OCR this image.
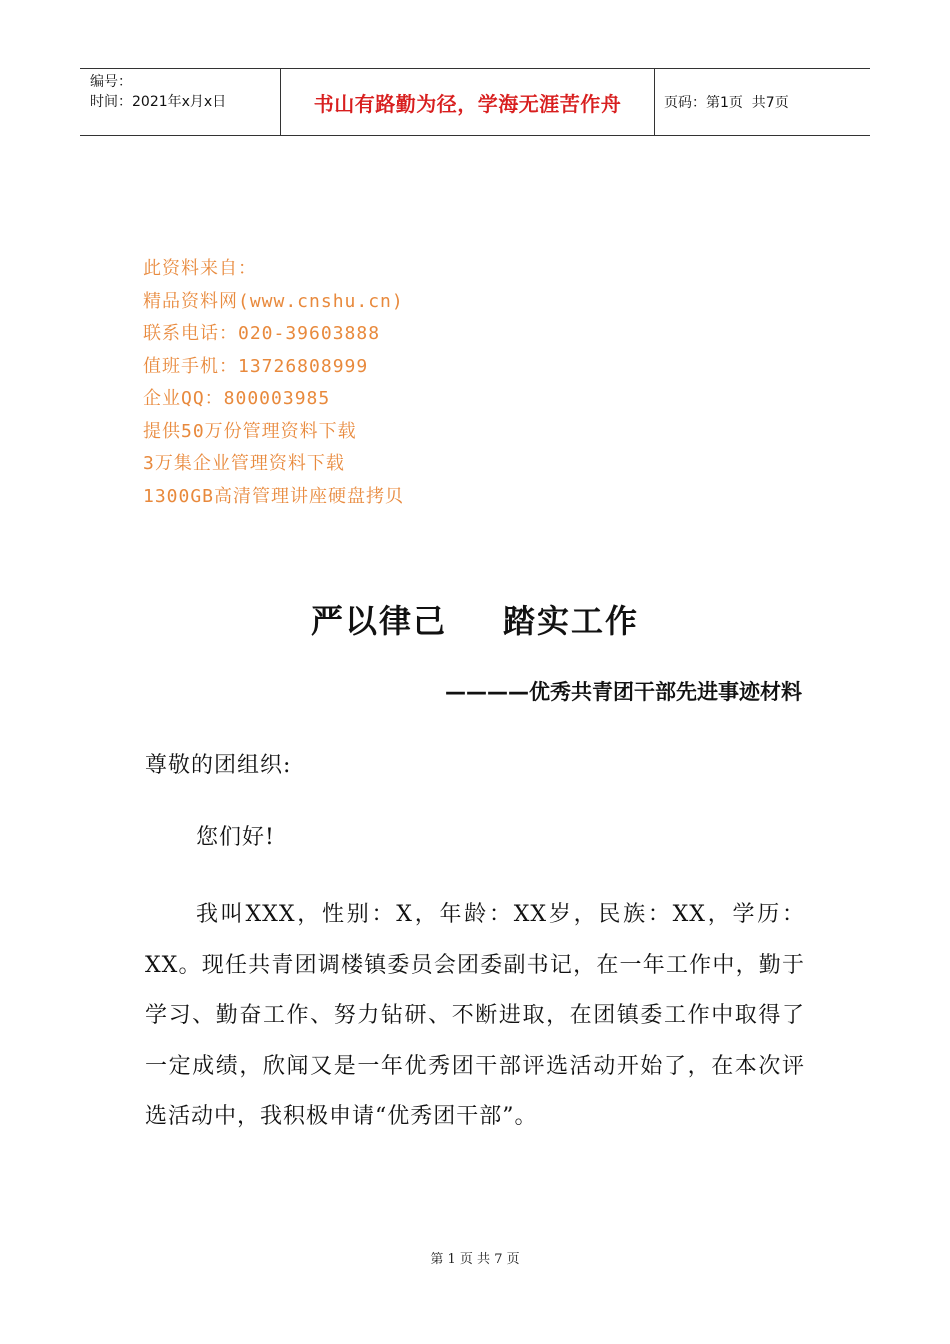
编号：
时间：2021年x月x日	书山有路勤为径，学海无涯苦作舟	页码：第1页  共7页
此资料来自：
精品资料网(www.cnshu.cn)
联系电话：020-39603888
值班手机：13726808999
企业QQ：800003985
提供50万份管理资料下载
3万集企业管理资料下载
1300GB高清管理讲座硬盘拷贝
严以律己 踏实工作
————优秀共青团干部先进事迹材料
尊敬的团组织:
您们好!
我叫XXX，性别：X，年龄：XX岁，民族：XX，学历：XX。现任共青团调楼镇委员会团委副书记，在一年工作中，勤于学习、勤奋工作、努力钻研、不断进取，在团镇委工作中取得了一定成绩，欣闻又是一年优秀团干部评选活动开始了，在本次评选活动中，我积极申请“优秀团干部”。
第 1 页 共 7 页
